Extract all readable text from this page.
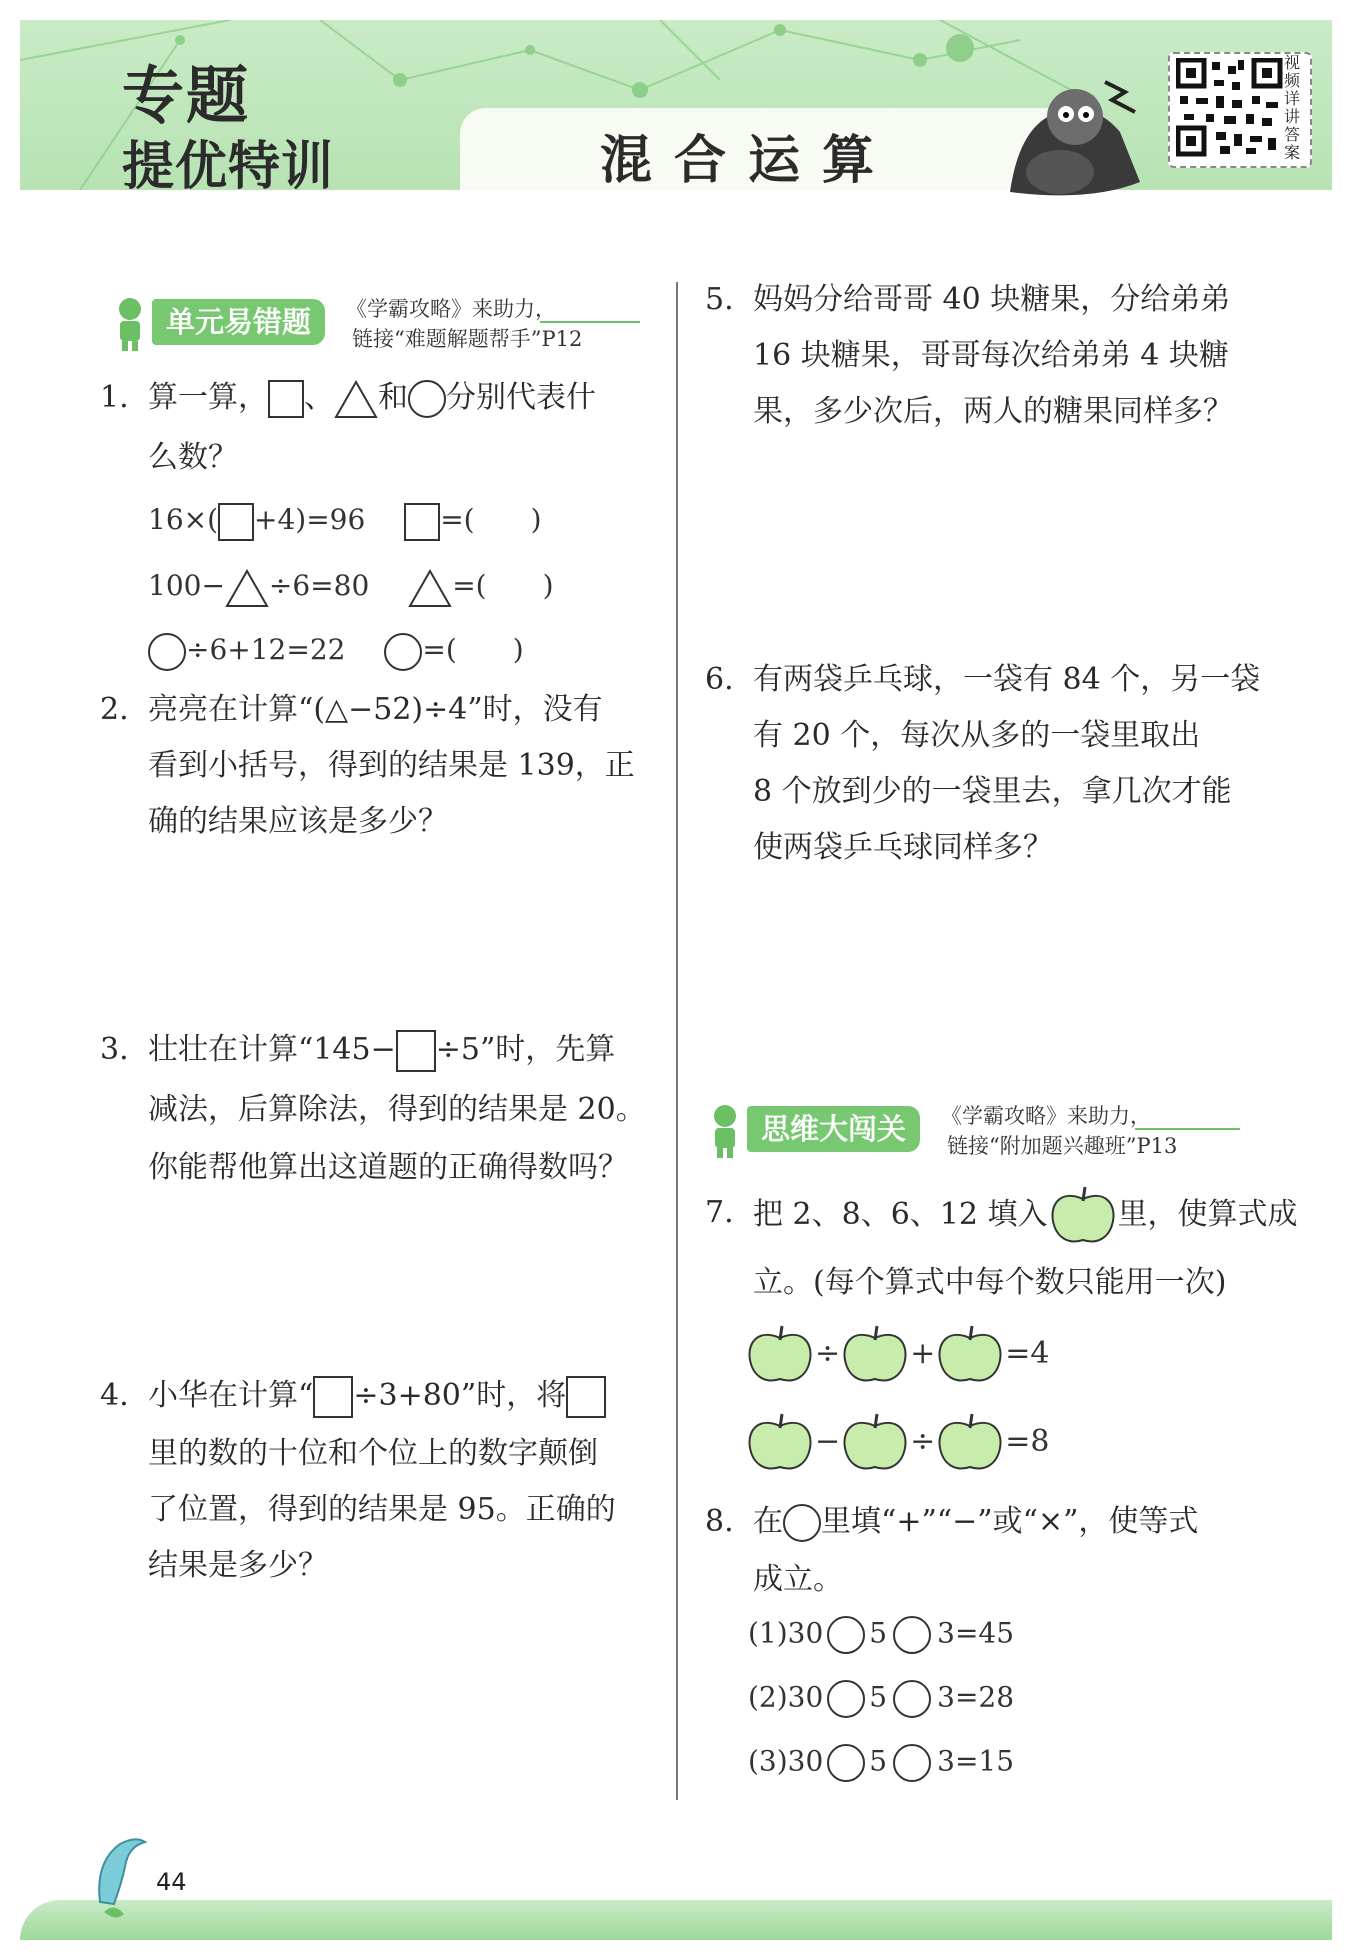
专题
提优特训	混合运算
视频详讲答案
单元易错题	《学霸攻略》来助力，
链接“难题解题帮手”P12
1. 算一算， 、 和 分别代表什
么数？
16×( +4)=96	=(　　)
100− ÷6=80	=(　　)
÷6+12=22	=(　　)
2. 亮亮在计算“(△−52)÷4”时，没有
看到小括号，得到的结果是 139，正
确的结果应该是多少？
3. 壮壮在计算“145− ÷5”时，先算
减法，后算除法，得到的结果是 20。
你能帮他算出这道题的正确得数吗？
4. 小华在计算“ ÷3+80”时，将
里的数的十位和个位上的数字颠倒
了位置，得到的结果是 95。正确的
结果是多少？
5. 妈妈分给哥哥 40 块糖果，分给弟弟
16 块糖果，哥哥每次给弟弟 4 块糖
果，多少次后，两人的糖果同样多？
6. 有两袋乒乓球，一袋有 84 个，另一袋
有 20 个，每次从多的一袋里取出
8 个放到少的一袋里去，拿几次才能
使两袋乒乓球同样多？
思维大闯关	《学霸攻略》来助力，
链接“附加题兴趣班”P13
7. 把 2、8、6、12 填入 里，使算式成
立。(每个算式中每个数只能用一次)
÷ + =4
− ÷ =8
8. 在 里填“+”“−”或“×”，使等式
成立。
(1)30 5 3=45
(2)30 5 3=28
(3)30 5 3=15
44
